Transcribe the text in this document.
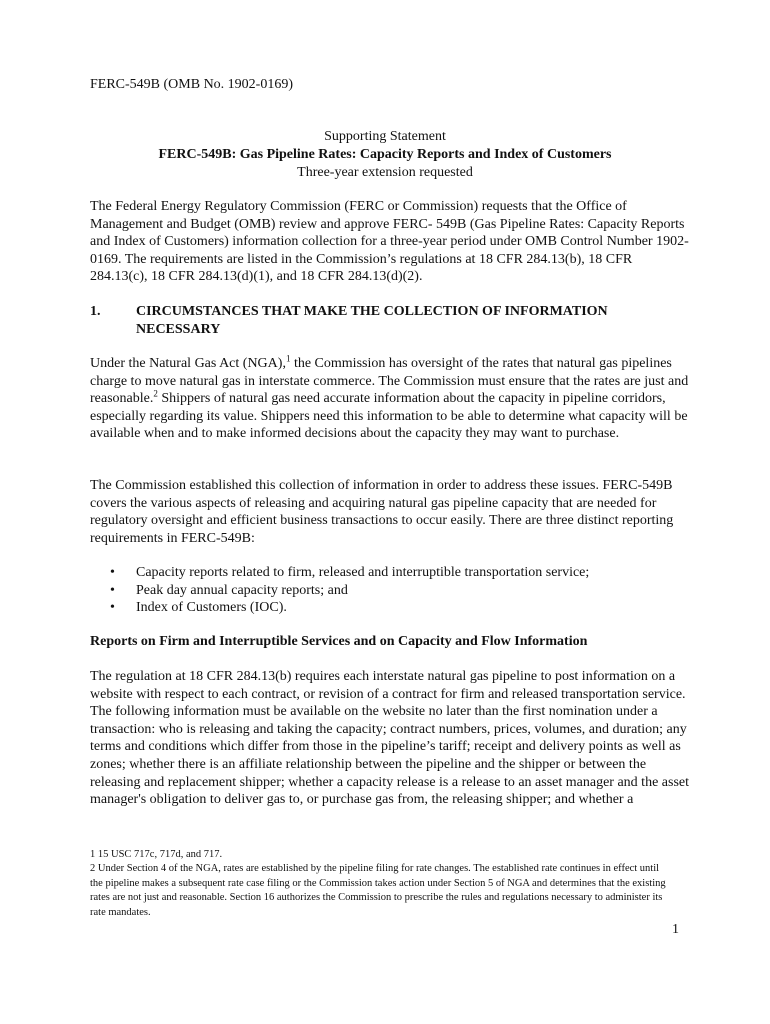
FERC-549B (OMB No. 1902-0169)
Supporting Statement
FERC-549B: Gas Pipeline Rates: Capacity Reports and Index of Customers
Three-year extension requested
The Federal Energy Regulatory Commission (FERC or Commission) requests that the Office of Management and Budget (OMB) review and approve FERC- 549B (Gas Pipeline Rates: Capacity Reports and Index of Customers) information collection for a three-year period under OMB Control Number 1902-0169. The requirements are listed in the Commission’s regulations at 18 CFR 284.13(b), 18 CFR 284.13(c), 18 CFR 284.13(d)(1), and 18 CFR 284.13(d)(2).
1.	CIRCUMSTANCES THAT MAKE THE COLLECTION OF INFORMATION NECESSARY
Under the Natural Gas Act (NGA),$^1$ the Commission has oversight of the rates that natural gas pipelines charge to move natural gas in interstate commerce. The Commission must ensure that the rates are just and reasonable.$^2$ Shippers of natural gas need accurate information about the capacity in pipeline corridors, especially regarding its value. Shippers need this information to be able to determine what capacity will be available when and to make informed decisions about the capacity they may want to purchase.
The Commission established this collection of information in order to address these issues. FERC-549B covers the various aspects of releasing and acquiring natural gas pipeline capacity that are needed for regulatory oversight and efficient business transactions to occur easily. There are three distinct reporting requirements in FERC-549B:
• Capacity reports related to firm, released and interruptible transportation service;
• Peak day annual capacity reports; and
• Index of Customers (IOC).
Reports on Firm and Interruptible Services and on Capacity and Flow Information
The regulation at 18 CFR 284.13(b) requires each interstate natural gas pipeline to post information on a website with respect to each contract, or revision of a contract for firm and released transportation service. The following information must be available on the website no later than the first nomination under a transaction: who is releasing and taking the capacity; contract numbers, prices, volumes, and duration; any terms and conditions which differ from those in the pipeline’s tariff; receipt and delivery points as well as zones; whether there is an affiliate relationship between the pipeline and the shipper or between the releasing and replacement shipper; whether a capacity release is a release to an asset manager and the asset manager's obligation to deliver gas to, or purchase gas from, the releasing shipper; and whether a
1 15 USC 717c, 717d, and 717.
2 Under Section 4 of the NGA, rates are established by the pipeline filing for rate changes. The established rate continues in effect until the pipeline makes a subsequent rate case filing or the Commission takes action under Section 5 of NGA and determines that the existing rates are not just and reasonable. Section 16 authorizes the Commission to prescribe the rules and regulations necessary to administer its rate mandates.
1
